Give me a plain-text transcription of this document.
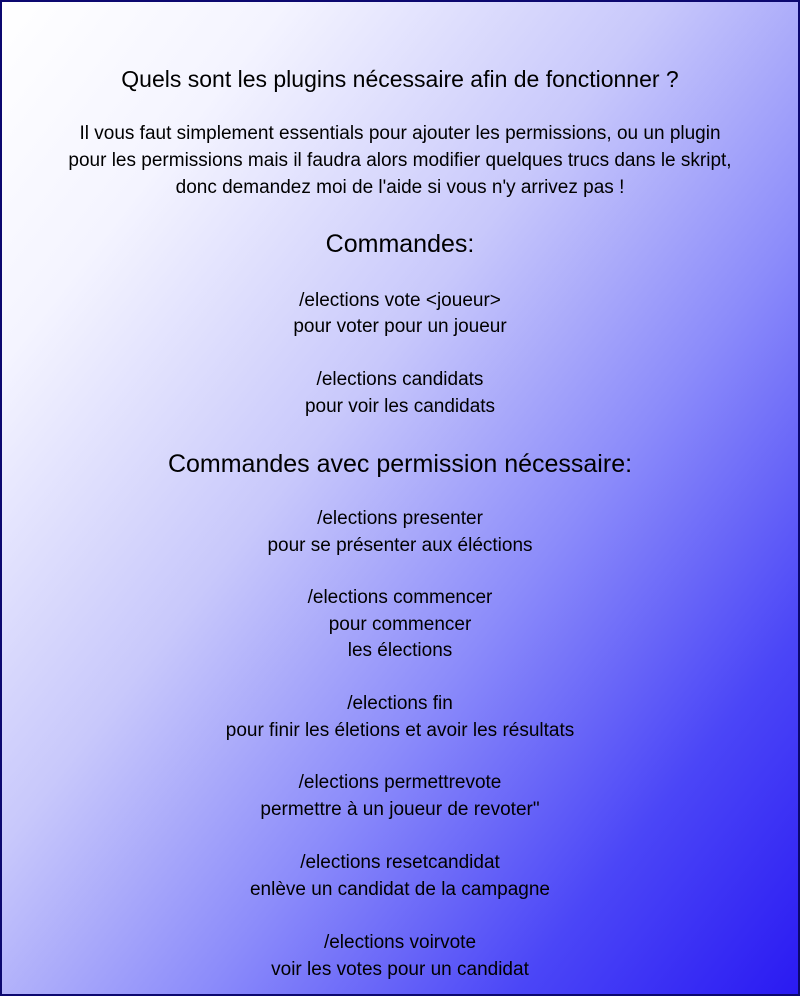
Quels sont les plugins nécessaire afin de fonctionner ?
Il vous faut simplement essentials pour ajouter les permissions, ou un plugin
pour les permissions mais il faudra alors modifier quelques trucs dans le skript,
donc demandez moi de l'aide si vous n'y arrivez pas !
Commandes:
/elections vote <joueur>
pour voter pour un joueur
/elections candidats
pour voir les candidats
Commandes avec permission nécessaire:
/elections presenter
pour se présenter aux éléctions
/elections commencer
pour commencer
les élections
/elections fin
pour finir les életions et avoir les résultats
/elections permettrevote
permettre à un joueur de revoter"
/elections resetcandidat
enlève un candidat de la campagne
/elections voirvote
voir les votes pour un candidat
